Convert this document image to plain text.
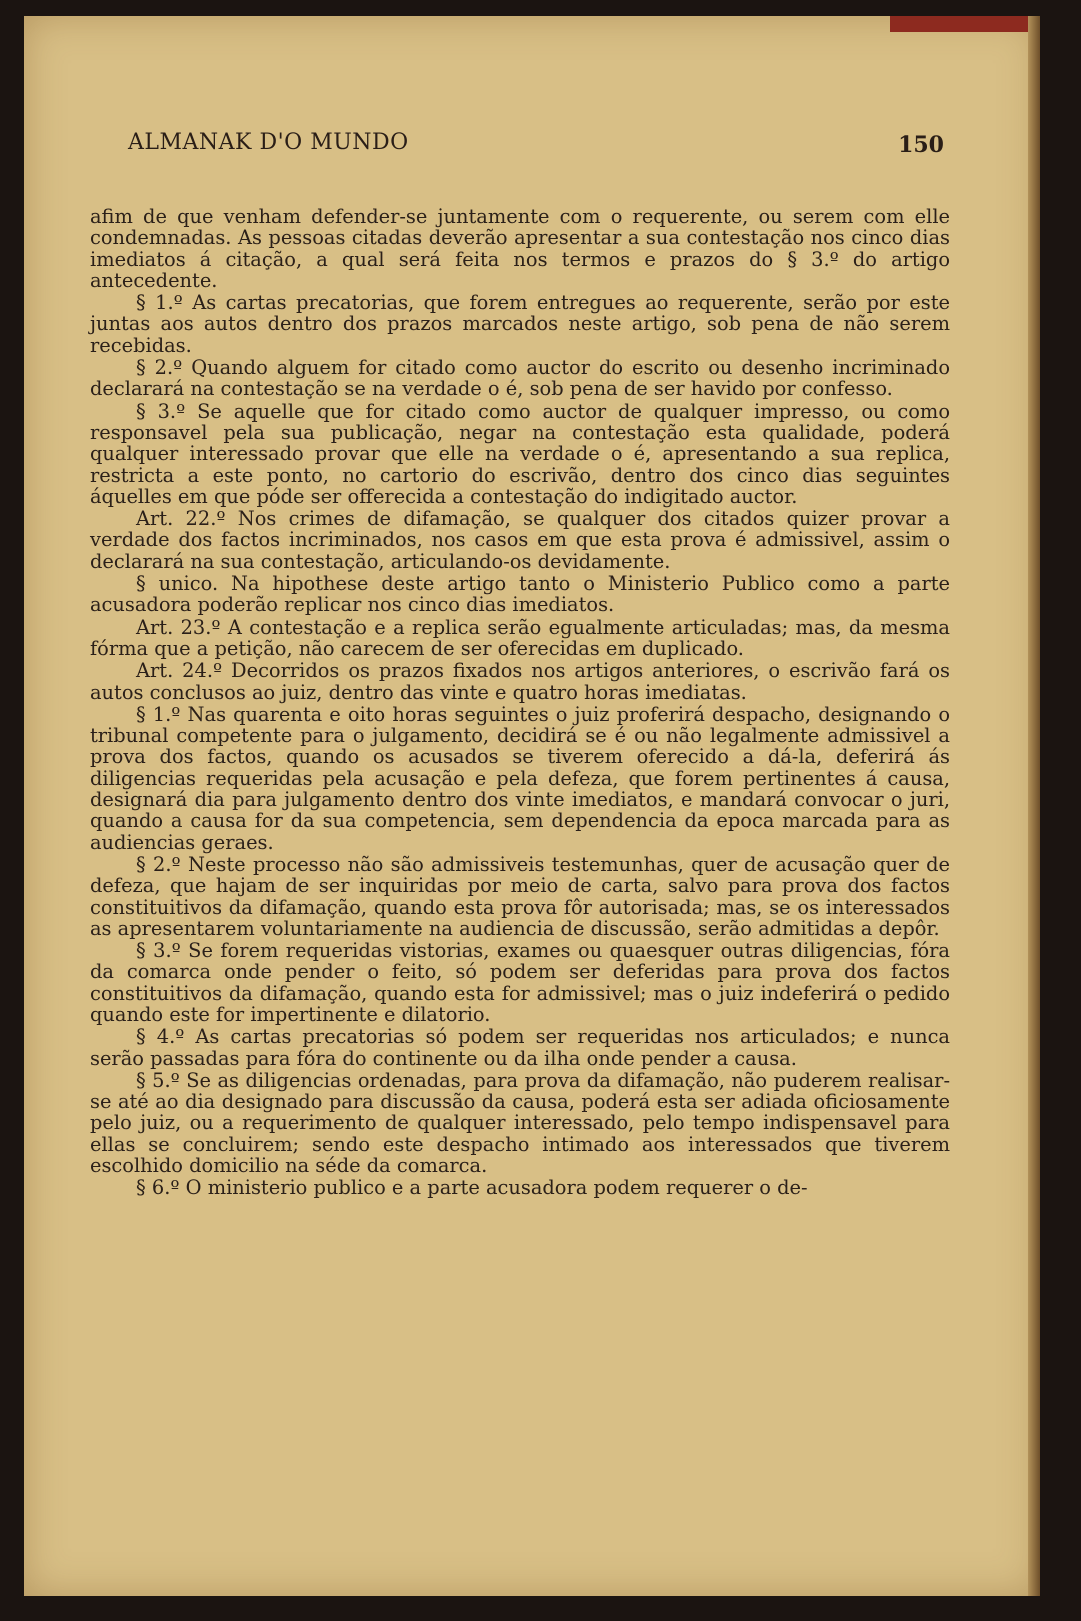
ALMANAK D'O MUNDO	150

afim de que venham defender-se juntamente com o requerente, ou serem com elle condemnadas. As pessoas citadas deverão apresentar a sua contestação nos cinco dias imediatos á citação, a qual será feita nos termos e prazos do § 3.º do artigo antecedente.

§ 1.º As cartas precatorias, que forem entregues ao requerente, serão por este juntas aos autos dentro dos prazos marcados neste artigo, sob pena de não serem recebidas.

§ 2.º Quando alguem for citado como auctor do escrito ou desenho incriminado declarará na contestação se na verdade o é, sob pena de ser havido por confesso.

§ 3.º Se aquelle que for citado como auctor de qualquer impresso, ou como responsavel pela sua publicação, negar na contestação esta qualidade, poderá qualquer interessado provar que elle na verdade o é, apresentando a sua replica, restricta a este ponto, no cartorio do escrivão, dentro dos cinco dias seguintes áquelles em que póde ser offerecida a contestação do indigitado auctor.

Art. 22.º Nos crimes de difamação, se qualquer dos citados quizer provar a verdade dos factos incriminados, nos casos em que esta prova é admissivel, assim o declarará na sua contestação, articulando-os devidamente.

§ unico. Na hipothese deste artigo tanto o Ministerio Publico como a parte acusadora poderão replicar nos cinco dias imediatos.

Art. 23.º A contestação e a replica serão egualmente articuladas; mas, da mesma fórma que a petição, não carecem de ser oferecidas em duplicado.

Art. 24.º Decorridos os prazos fixados nos artigos anteriores, o escrivão fará os autos conclusos ao juiz, dentro das vinte e quatro horas imediatas.

§ 1.º Nas quarenta e oito horas seguintes o juiz proferirá despacho, designando o tribunal competente para o julgamento, decidirá se é ou não legalmente admissivel a prova dos factos, quando os acusados se tiverem oferecido a dá-la, deferirá ás diligencias requeridas pela acusação e pela defeza, que forem pertinentes á causa, designará dia para julgamento dentro dos vinte imediatos, e mandará convocar o juri, quando a causa for da sua competencia, sem dependencia da epoca marcada para as audiencias geraes.

§ 2.º Neste processo não são admissiveis testemunhas, quer de acusação quer de defeza, que hajam de ser inquiridas por meio de carta, salvo para prova dos factos constituitivos da difamação, quando esta prova fôr autorisada; mas, se os interessados as apresentarem voluntariamente na audiencia de discussão, serão admitidas a depôr.

§ 3.º Se forem requeridas vistorias, exames ou quaesquer outras diligencias, fóra da comarca onde pender o feito, só podem ser deferidas para prova dos factos constituitivos da difamação, quando esta for admissivel; mas o juiz indeferirá o pedido quando este for impertinente e dilatorio.

§ 4.º As cartas precatorias só podem ser requeridas nos articulados; e nunca serão passadas para fóra do continente ou da ilha onde pender a causa.

§ 5.º Se as diligencias ordenadas, para prova da difamação, não puderem realisar-se até ao dia designado para discussão da causa, poderá esta ser adiada oficiosamente pelo juiz, ou a requerimento de qualquer interessado, pelo tempo indispensavel para ellas se concluirem; sendo este despacho intimado aos interessados que tiverem escolhido domicilio na séde da comarca.

§ 6.º O ministerio publico e a parte acusadora podem requerer o de-
